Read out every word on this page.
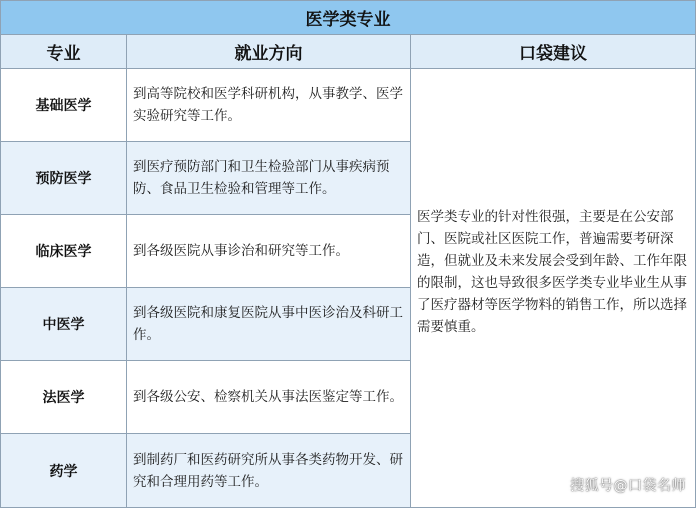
医学类专业		
专业	就业方向	口袋建议
基础医学	到高等院校和医学科研机构，从事教学、医学实验研究等工作。	医学类专业的针对性很强，主要是在公安部门、医院或社区医院工作，普遍需要考研深造，但就业及未来发展会受到年龄、工作年限的限制，这也导致很多医学类专业毕业生从事了医疗器材等医学物料的销售工作，所以选择需要慎重。
预防医学	到医疗预防部门和卫生检验部门从事疾病预防、食品卫生检验和管理等工作。	
临床医学	到各级医院从事诊治和研究等工作。	
中医学	到各级医院和康复医院从事中医诊治及科研工作。	
法医学	到各级公安、检察机关从事法医鉴定等工作。	
药学	到制药厂和医药研究所从事各类药物开发、研究和合理用药等工作。		搜狐号@口袋名师
